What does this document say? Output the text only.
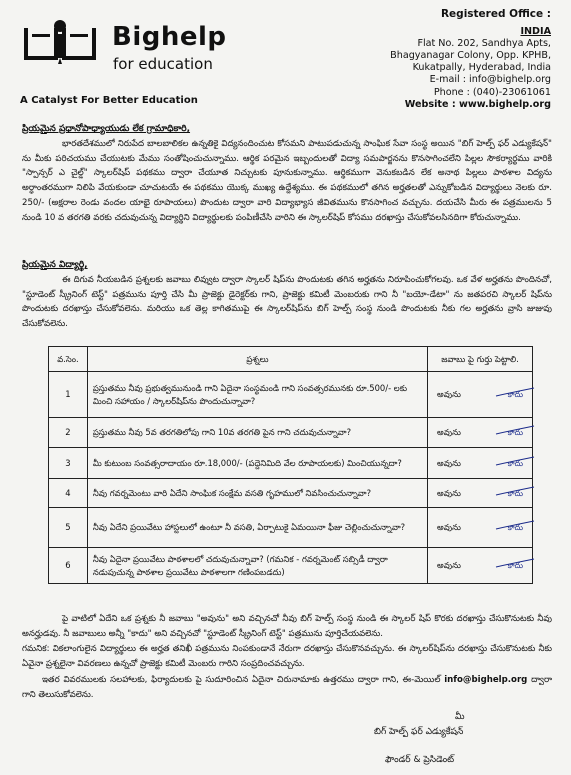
Bighelp
for education
A Catalyst For Better Education
Registered Office :
INDIA
Flat No. 202, Sandhya Apts,
Bhagyanagar Colony, Opp. KPHB,
Kukatpally, Hyderabad, India
E-mail : info@bighelp.org
Phone : (040)-23061061
Website : www.bighelp.org
ప్రియమైన ప్రధానోపాధ్యాయుడు లేక గ్రామాధికారి,
భారతదేశములో నిరుపేద బాలబాలికల ఉన్నతికై విద్యనందించుట కోసమని పాటుపడుచున్న సాంఘిక సేవా సంస్థ అయిన "బిగ్ హెల్ప్ ఫర్ ఎడ్యుకేషన్" ను మీకు పరిచయము చేయుటకు మేము సంతోషించుచున్నాము. ఆర్థిక పరమైన ఇబ్బందులతో విద్యా సమపార్జనను కొనసాగించలేని పిల్లల సౌకర్యార్థము వారికి "స్పాన్సర్ ఎ చైల్డ్" స్కాలర్‌షిప్ పథకము ద్వారా చేయూత నిచ్చుటకు పూనుకున్నాము. ఆర్థికముగా వెనుకబడిన లేక అనాథ పిల్లలు పాఠశాల విద్యను అర్ధాంతరముగా నిలిపి వేయకుండా చూచుటయే ఈ పథకము యొక్క ముఖ్య ఉద్దేశ్యము. ఈ పథకములో తగిన అర్హతలతో ఎన్నుకోబడిన విద్యార్థులు నెలకు రూ. 250/- (అక్షరాల రెండు వందల యాభై రూపాయలు) పొందుట ద్వారా వారి విద్యాభ్యాస జీవితమును కొనసాగించ వచ్చును. దయచేసి మీరు ఈ పత్రములను 5 నుండి 10 వ తరగతి వరకు చదువుచున్న విద్యార్థిని విద్యార్థులకు పంపిణీచేసి వారిని ఈ స్కాలర్‌షిప్ కోసము దరఖాస్తు చేసుకోవలసినదిగా కోరుచున్నాము.
ప్రియమైన విద్యార్థి,
ఈ దిగువ నీయబడిన ప్రశ్నలకు జవాబు లివ్వుట ద్వారా స్కాలర్ షిప్‌ను పొందుటకు తగిన అర్హతను నిరూపించుకోగలవు. ఒక వేళ అర్హతను పొందినచో, "స్టూడెంట్ స్క్రీనింగ్ టెస్ట్" పత్రమును పూర్తి చేసి మీ ప్రాజెక్టు డైరెక్టర్‌కు గాని, ప్రాజెక్టు కమిటీ మెంబరుకు గాని నీ "బయో-డేటా" ను జతపరచి స్కాలర్ షిప్‌ను పొందుటకు దరఖాస్తు చేసుకోవలెను. మరియు ఒక తెల్ల కాగితముపై ఈ స్కాలర్‌షిప్‌ను బిగ్ హెల్ప్ సంస్థ నుండి పొందుటకు నీకు గల అర్హతను వ్రాసి జుజువు చేసుకోవలెను.
వ.సెం.	ప్రశ్నలు	జవాబు పై గుర్తు పెట్టాలి.
1	ప్రస్తుతము నీవు ప్రభుత్వమునుండి గాని ఏదైనా సంస్థమండి గాని సంవత్సరమునకు రూ.500/- లకు మించి సహాయం / స్కాలర్‌షిప్‌ను పొందుచున్నావా?	అవును కాదు

2	ప్రస్తుతము నీవు 5వ తరగతిలోపు గాని 10వ తరగతి పైన గాని చదువుచున్నావా?	అవును కాదు

3	మీ కుటుంబ సంవత్సరాదాయం రూ.18,000/- (పద్దెనిమిది వేల రూపాయలకు) మించియున్నదా?	అవును కాదు

4	నీవు గవర్నమెంటు వారి ఏదేని సాంఘిక సంక్షేమ వసతి గృహములో నివసించుచున్నావా?	అవును కాదు

5	నీవు ఏదేని ప్రయివేటు హాస్టలులో ఉంటూ నీ వసతి, ఏర్పాటుకై ఏమయినా ఫీజు చెల్లించుచున్నావా?	అవును కాదు

6	నీవు ఏదైనా ప్రయివేటు పాఠశాలలో చదువుచున్నావా? (గమనిక - గవర్నమెంట్ సబ్సిడీ ద్వారా నడుపుచున్న పాఠశాల ప్రయివేటు పాఠశాలగా గణింపబడదు)	అవును కాదు
పై వాటిలో ఏదేని ఒక ప్రశ్నకు నీ జవాబు "అవును" అని వచ్చినచో నీవు బిగ్ హెల్ప్ సంస్థ నుండి ఈ స్కాలర్ షిప్ కొరకు దరఖాస్తు చేసుకొనుటకు నీవు అనర్హుడవు. నీ జవాబులు అన్నీ "కాదు" అని వచ్చినచో "స్టూడెంట్ స్క్రీనింగ్ టెస్ట్" పత్రమును పూర్తిచేయవలెను.
గమనిక: వికలాంగులైన విద్యార్థులు ఈ అర్హత తనిఖీ పత్రమును నింపకుండానే నేరుగా దరఖాస్తు చేసుకొనవచ్చును. ఈ స్కాలర్‌షిప్‌ను దరఖాస్తు చేసుకొనుటకు నీకు ఏవైనా ప్రశ్నలైనా వివరణలు ఉన్నచో ప్రాజెక్టు కమిటీ మెంబరు గారిని సంప్రదించవచ్చును.
ఇతర వివరములకు సలహాలకు, ఫిర్యాదులకు పై సుదూరించిన ఏదైనా చిరునామాకు ఉత్తరము ద్వారా గాని, ఈ-మెయిల్ info@bighelp.org ద్వారా గాని తెలుసుకోవలెను.
మీ
బిగ్ హెల్ప్ ఫర్ ఎడ్యుకేషన్
ఫౌండర్ & ప్రెసిడెంట్
